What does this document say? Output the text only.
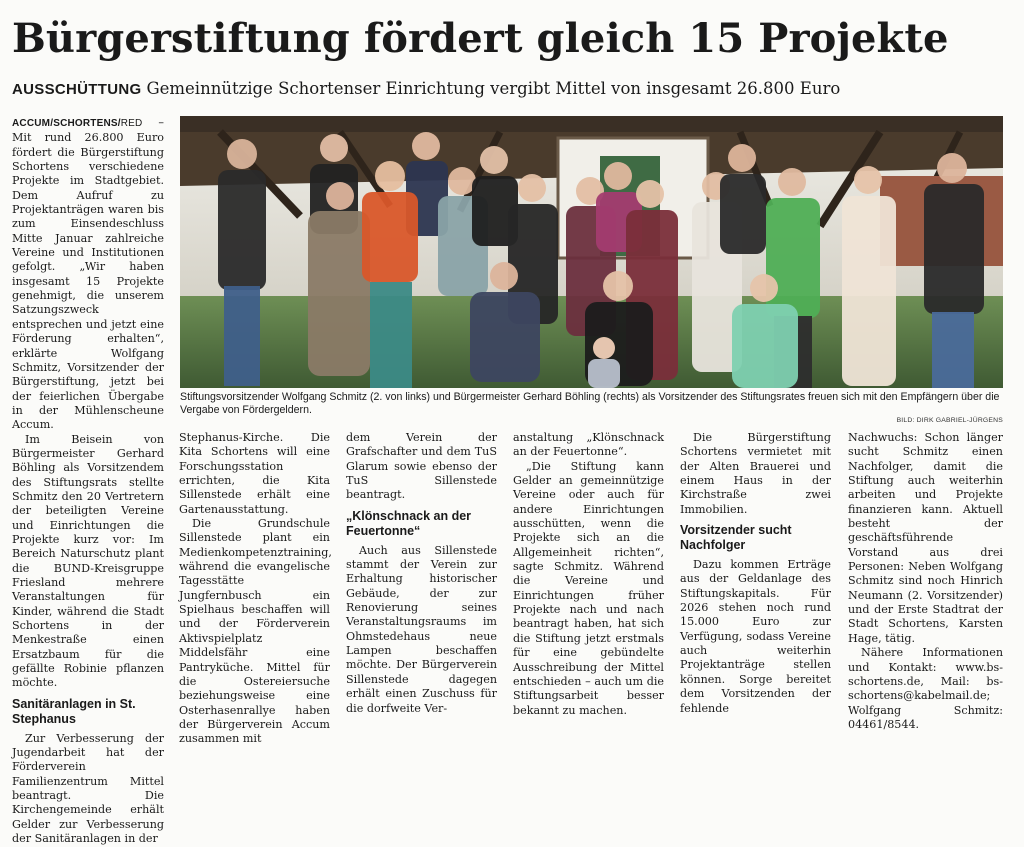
Bürgerstiftung fördert gleich 15 Projekte
AUSSCHÜTTUNG Gemeinnützige Schortenser Einrichtung vergibt Mittel von insgesamt 26.800 Euro

ACCUM/SCHORTENS/RED – Mit rund 26.800 Euro fördert die Bürgerstiftung Schortens verschiedene Projekte im Stadtgebiet. Dem Aufruf zu Projektanträgen waren bis zum Einsendeschluss Mitte Januar zahlreiche Vereine und Institutionen gefolgt. „Wir haben insgesamt 15 Projekte genehmigt, die unserem Satzungszweck entsprechen und jetzt eine Förderung erhalten“, erklärte Wolfgang Schmitz, Vorsitzender der Bürgerstiftung, jetzt bei der feierlichen Übergabe in der Mühlenscheune Accum.

Im Beisein von Bürgermeister Gerhard Böhling als Vorsitzendem des Stiftungsrats stellte Schmitz den 20 Vertretern der beteiligten Vereine und Einrichtungen die Projekte kurz vor: Im Bereich Naturschutz plant die BUND-Kreisgruppe Friesland mehrere Veranstaltungen für Kinder, während die Stadt Schortens in der Menkestraße einen Ersatzbaum für die gefällte Robinie pflanzen möchte.

Sanitäranlagen in St. Stephanus

Zur Verbesserung der Jugendarbeit hat der Förderverein Familienzentrum Mittel beantragt. Die Kirchengemeinde erhält Gelder zur Verbesserung der Sanitäranlagen in der

Stiftungsvorsitzender Wolfgang Schmitz (2. von links) und Bürgermeister Gerhard Böhling (rechts) als Vorsitzender des Stiftungsrates freuen sich mit den Empfängern über die Vergabe von Fördergeldern.
BILD: DIRK GABRIEL-JÜRGENS

Stephanus-Kirche. Die Kita Schortens will eine Forschungsstation errichten, die Kita Sillenstede erhält eine Gartenausstattung.

Die Grundschule Sillenstede plant ein Medienkompetenztraining, während die evangelische Tagesstätte Jungfernbusch ein Spielhaus beschaffen will und der Förderverein Aktivspielplatz Middelsfähr eine Pantryküche. Mittel für die Ostereiersuche beziehungsweise eine Osterhasenrallye haben der Bürgerverein Accum zusammen mit

dem Verein der Grafschafter und dem TuS Glarum sowie ebenso der TuS Sillenstede beantragt.

„Klönschnack an der Feuertonne“

Auch aus Sillenstede stammt der Verein zur Erhaltung historischer Gebäude, der zur Renovierung seines Veranstaltungsraums im Ohmstedehaus neue Lampen beschaffen möchte. Der Bürgerverein Sillenstede dagegen erhält einen Zuschuss für die dorfweite Ver-

anstaltung „Klönschnack an der Feuertonne“.

„Die Stiftung kann Gelder an gemeinnützige Vereine oder auch für andere Einrichtungen ausschütten, wenn die Projekte sich an die Allgemeinheit richten“, sagte Schmitz. Während die Vereine und Einrichtungen früher Projekte nach und nach beantragt haben, hat sich die Stiftung jetzt erstmals für eine gebündelte Ausschreibung der Mittel entschieden – auch um die Stiftungsarbeit besser bekannt zu machen.

Die Bürgerstiftung Schortens vermietet mit der Alten Brauerei und einem Haus in der Kirchstraße zwei Immobilien.

Vorsitzender sucht Nachfolger

Dazu kommen Erträge aus der Geldanlage des Stiftungskapitals. Für 2026 stehen noch rund 15.000 Euro zur Verfügung, sodass Vereine auch weiterhin Projektanträge stellen können. Sorge bereitet dem Vorsitzenden der fehlende

Nachwuchs: Schon länger sucht Schmitz einen Nachfolger, damit die Stiftung auch weiterhin arbeiten und Projekte finanzieren kann. Aktuell besteht der geschäftsführende Vorstand aus drei Personen: Neben Wolfgang Schmitz sind noch Hinrich Neumann (2. Vorsitzender) und der Erste Stadtrat der Stadt Schortens, Karsten Hage, tätig.

Nähere Informationen und Kontakt: www.bs-schortens.de, Mail: bs-schortens@kabelmail.de; Wolfgang Schmitz: 04461/8544.
